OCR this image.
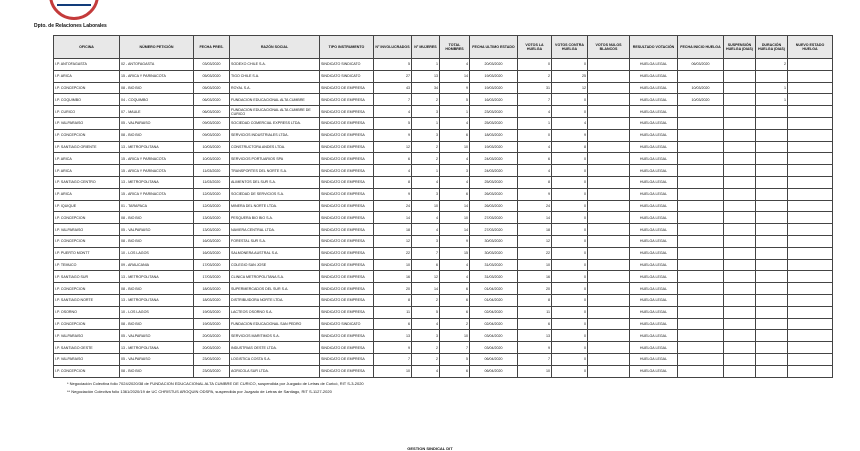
Dpto. de Relaciones Laborales
OFICINA	NÚMERO PETICIÓN	FECHA PRES.	RAZÓN SOCIAL	TIPO INSTRUMENTO	N° INVOLUCRADOS	N° MUJERES	TOTAL HOMBRES	FECHA ULTIMO ESTADO	VOTOS LA HUELGA	VOTOS CONTRA HUELGA	VOTOS NULOS BLANCOS	RESULTADO VOTACIÓN	FECHA INICIO HUELGA	SUSPENSIÓN HUELGA (DIAS)	DURACIÓN HUELGA (DIAS)	NUEVO ESTADO HUELGA
I.P. ANTOFAGASTA	02 - ANTOFAGASTA	03/03/2020	SODEXO CHILE S.A.	SINDICATO SINDICATO	5	1	4	20/03/2020	0	0		HUELGA LEGAL	06/03/2020		2	
I.P. ARICA	15 - ARICA Y PARINACOTA	05/03/2020	TIGO CHILE S.A.	SINDICATO SINDICATO	27	13	14	19/03/2020	2	25		HUELGA LEGAL				
I.P. CONCEPCION	08 - BIO BIO	05/03/2020	ROYAL S.A.	SINDICATO DE EMPRESA	43	34	9	19/03/2020	31	12		HUELGA LEGAL	10/03/2020		1	
I.P. COQUIMBO	04 - COQUIMBO	06/03/2020	FUNDACION EDUCACIONAL ALTA CUMBRE	SINDICATO DE EMPRESA	7	2	5	16/03/2020	7	0		HUELGA LEGAL	10/03/2020		1	
I.P. CURICO	07 - MAULE	06/03/2020	FUNDACION EDUCACIONAL ALTA CUMBRE DE CURICO	SINDICATO DE EMPRESA	4	3	1	23/03/2020	4	0		HUELGA LEGAL				
I.P. VALPARAISO	05 - VALPARAISO	09/03/2020	SOCIEDAD COMERCIAL EXPRESS LTDA.	SINDICATO DE EMPRESA	5	1	4	25/03/2020	1	4		HUELGA LEGAL				
I.P. CONCEPCION	08 - BIO BIO	09/03/2020	SERVICIOS INDUSTRIALES LTDA.	SINDICATO DE EMPRESA	9	3	6	18/03/2020	0	9		HUELGA LEGAL				
I.P. SANTIAGO ORIENTE	13 - METROPOLITANA	10/03/2020	CONSTRUCTORA ANDES LTDA.	SINDICATO DE EMPRESA	12	2	10	19/03/2020	4	8		HUELGA LEGAL				
I.P. ARICA	15 - ARICA Y PARINACOTA	10/03/2020	SERVICIOS PORTUARIOS SPA	SINDICATO DE EMPRESA	6	2	4	24/03/2020	6	0		HUELGA LEGAL				
I.P. ARICA	15 - ARICA Y PARINACOTA	11/03/2020	TRANSPORTES DEL NORTE S.A.	SINDICATO DE EMPRESA	4	1	3	24/03/2020	4	0		HUELGA LEGAL				
I.P. SANTIAGO CENTRO	13 - METROPOLITANA	11/03/2020	ALIMENTOS DEL SUR S.A.	SINDICATO DE EMPRESA	8	4	4	25/03/2020	8	0		HUELGA LEGAL				
I.P. ARICA	15 - ARICA Y PARINACOTA	12/03/2020	SOCIEDAD DE SERVICIOS S.A.	SINDICATO DE EMPRESA	9	3	6	26/03/2020	9	0		HUELGA LEGAL				
I.P. IQUIQUE	01 - TARAPACA	12/03/2020	MINERA DEL NORTE LTDA.	SINDICATO DE EMPRESA	24	10	14	26/03/2020	24	0		HUELGA LEGAL				
I.P. CONCEPCION	08 - BIO BIO	13/03/2020	PESQUERA BIO BIO S.A.	SINDICATO DE EMPRESA	14	4	10	27/03/2020	14	0		HUELGA LEGAL				
I.P. VALPARAISO	05 - VALPARAISO	13/03/2020	NAVIERA CENTRAL LTDA.	SINDICATO DE EMPRESA	18	4	14	27/03/2020	18	0		HUELGA LEGAL				
I.P. CONCEPCION	08 - BIO BIO	16/03/2020	FORESTAL SUR S.A.	SINDICATO DE EMPRESA	12	3	9	30/03/2020	12	0		HUELGA LEGAL				
I.P. PUERTO MONTT	10 - LOS LAGOS	16/03/2020	SALMONERA AUSTRAL S.A.	SINDICATO DE EMPRESA	22	7	15	30/03/2020	22	0		HUELGA LEGAL				
I.P. TEMUCO	09 - ARAUCANIA	17/03/2020	COLEGIO SAN JOSE	SINDICATO DE EMPRESA	10	6	4	31/03/2020	10	0		HUELGA LEGAL				
I.P. SANTIAGO SUR	13 - METROPOLITANA	17/03/2020	CLINICA METROPOLITANA S.A.	SINDICATO DE EMPRESA	16	12	4	31/03/2020	16	0		HUELGA LEGAL				
I.P. CONCEPCION	08 - BIO BIO	18/03/2020	SUPERMERCADOS DEL SUR S.A.	SINDICATO DE EMPRESA	20	14	6	01/04/2020	20	0		HUELGA LEGAL				
I.P. SANTIAGO NORTE	13 - METROPOLITANA	18/03/2020	DISTRIBUIDORA NORTE LTDA.	SINDICATO DE EMPRESA	8	2	6	01/04/2020	8	0		HUELGA LEGAL				
I.P. OSORNO	10 - LOS LAGOS	19/03/2020	LACTEOS OSORNO S.A.	SINDICATO DE EMPRESA	11	5	6	02/04/2020	11	0		HUELGA LEGAL				
I.P. CONCEPCION	08 - BIO BIO	19/03/2020	FUNDACION EDUCACIONAL SAN PEDRO	SINDICATO SINDICATO	6	4	2	02/04/2020	6	0		HUELGA LEGAL				
I.P. VALPARAISO	05 - VALPARAISO	20/03/2020	SERVICIOS MARITIMOS S.A.	SINDICATO DE EMPRESA	13	3	10	03/04/2020	13	0		HUELGA LEGAL				
I.P. SANTIAGO OESTE	13 - METROPOLITANA	20/03/2020	INDUSTRIAS OESTE LTDA.	SINDICATO DE EMPRESA	9	2	7	03/04/2020	9	0		HUELGA LEGAL				
I.P. VALPARAISO	05 - VALPARAISO	23/03/2020	LOGISTICA COSTA S.A.	SINDICATO DE EMPRESA	7	2	5	06/04/2020	7	0		HUELGA LEGAL				
I.P. CONCEPCION	08 - BIO BIO	23/03/2020	AGRICOLA SUR LTDA.	SINDICATO DE EMPRESA	10	4	6	06/04/2020	10	0		HUELGA LEGAL				
* Negociación Colectiva folio 7024/2020/38 de FUNDACION EDUCACIONAL ALTA CUMBRE DE CURICO, suspendida por Juzgado de Letras de Curicó, RIT S-3-2020
** Negociación Colectiva folio 1361/2020/19 de UC CHRISTUS AROQUIN ODSPA, suspendida por Juzgado de Letras de Santiago, RIT S-1127-2020
GESTION SINDICAL DIT
